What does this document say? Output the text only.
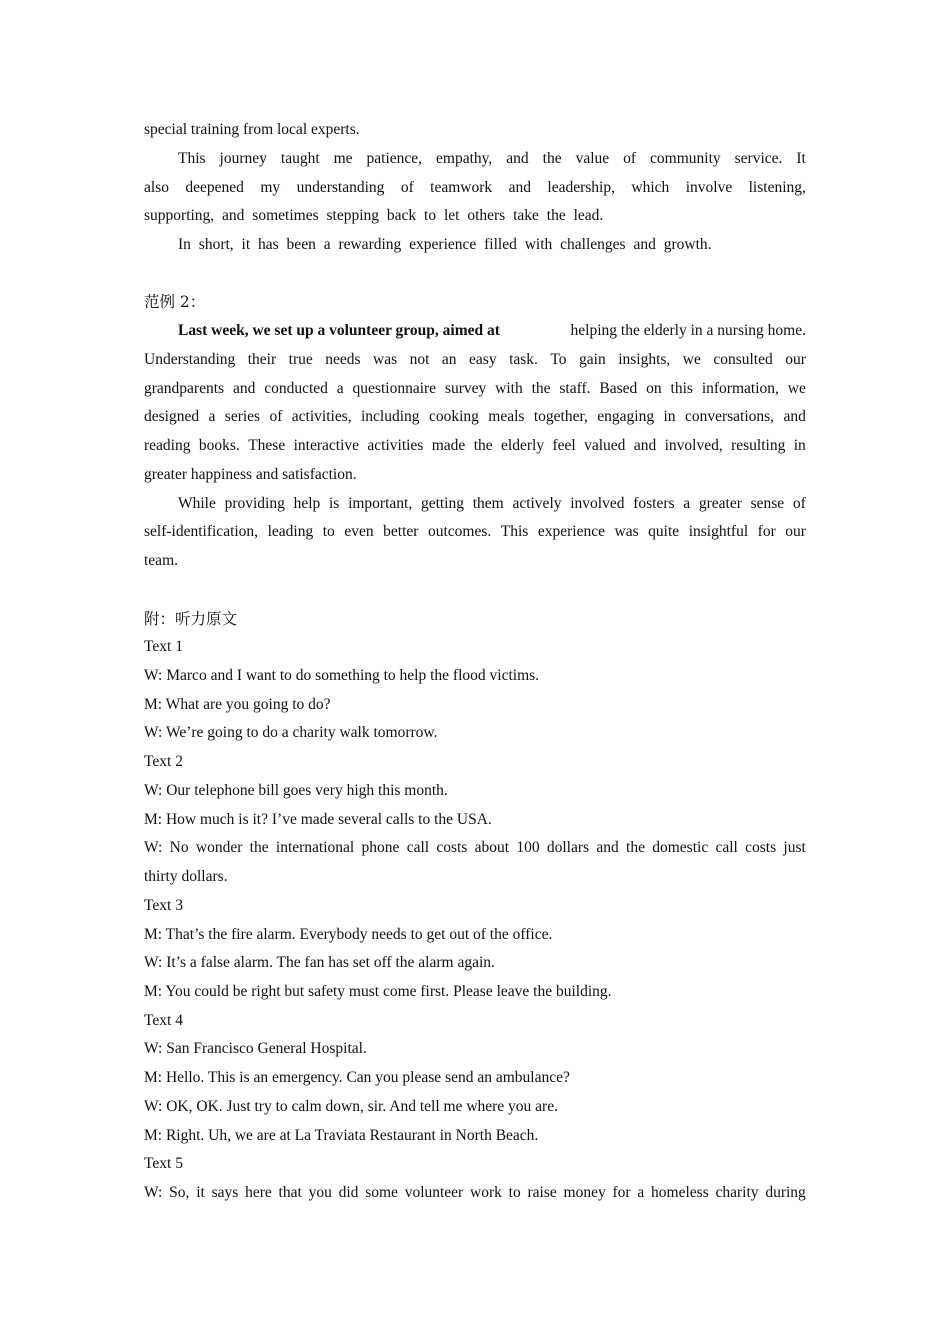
special training from local experts.
This journey taught me patience, empathy, and the value of community service. It
also deepened my understanding of teamwork and leadership, which involve listening,
supporting, and sometimes stepping back to let others take the lead.
In short, it has been a rewarding experience filled with challenges and growth.
范例 2：
Last week, we set up a volunteer group, aimed at	helping the elderly in a nursing home.
Understanding their true needs was not an easy task. To gain insights, we consulted our
grandparents and conducted a questionnaire survey with the staff. Based on this information, we
designed a series of activities, including cooking meals together, engaging in conversations, and
reading books. These interactive activities made the elderly feel valued and involved, resulting in
greater happiness and satisfaction.
While providing help is important, getting them actively involved fosters a greater sense of
self-identification, leading to even better outcomes. This experience was quite insightful for our
team.
附：听力原文
Text 1
W: Marco and I want to do something to help the flood victims.
M: What are you going to do?
W: We’re going to do a charity walk tomorrow.
Text 2
W: Our telephone bill goes very high this month.
M: How much is it? I’ve made several calls to the USA.
W: No wonder the international phone call costs about 100 dollars and the domestic call costs just
thirty dollars.
Text 3
M: That’s the fire alarm. Everybody needs to get out of the office.
W: It’s a false alarm. The fan has set off the alarm again.
M: You could be right but safety must come first. Please leave the building.
Text 4
W: San Francisco General Hospital.
M: Hello. This is an emergency. Can you please send an ambulance?
W: OK, OK. Just try to calm down, sir. And tell me where you are.
M: Right. Uh, we are at La Traviata Restaurant in North Beach.
Text 5
W: So, it says here that you did some volunteer work to raise money for a homeless charity during
